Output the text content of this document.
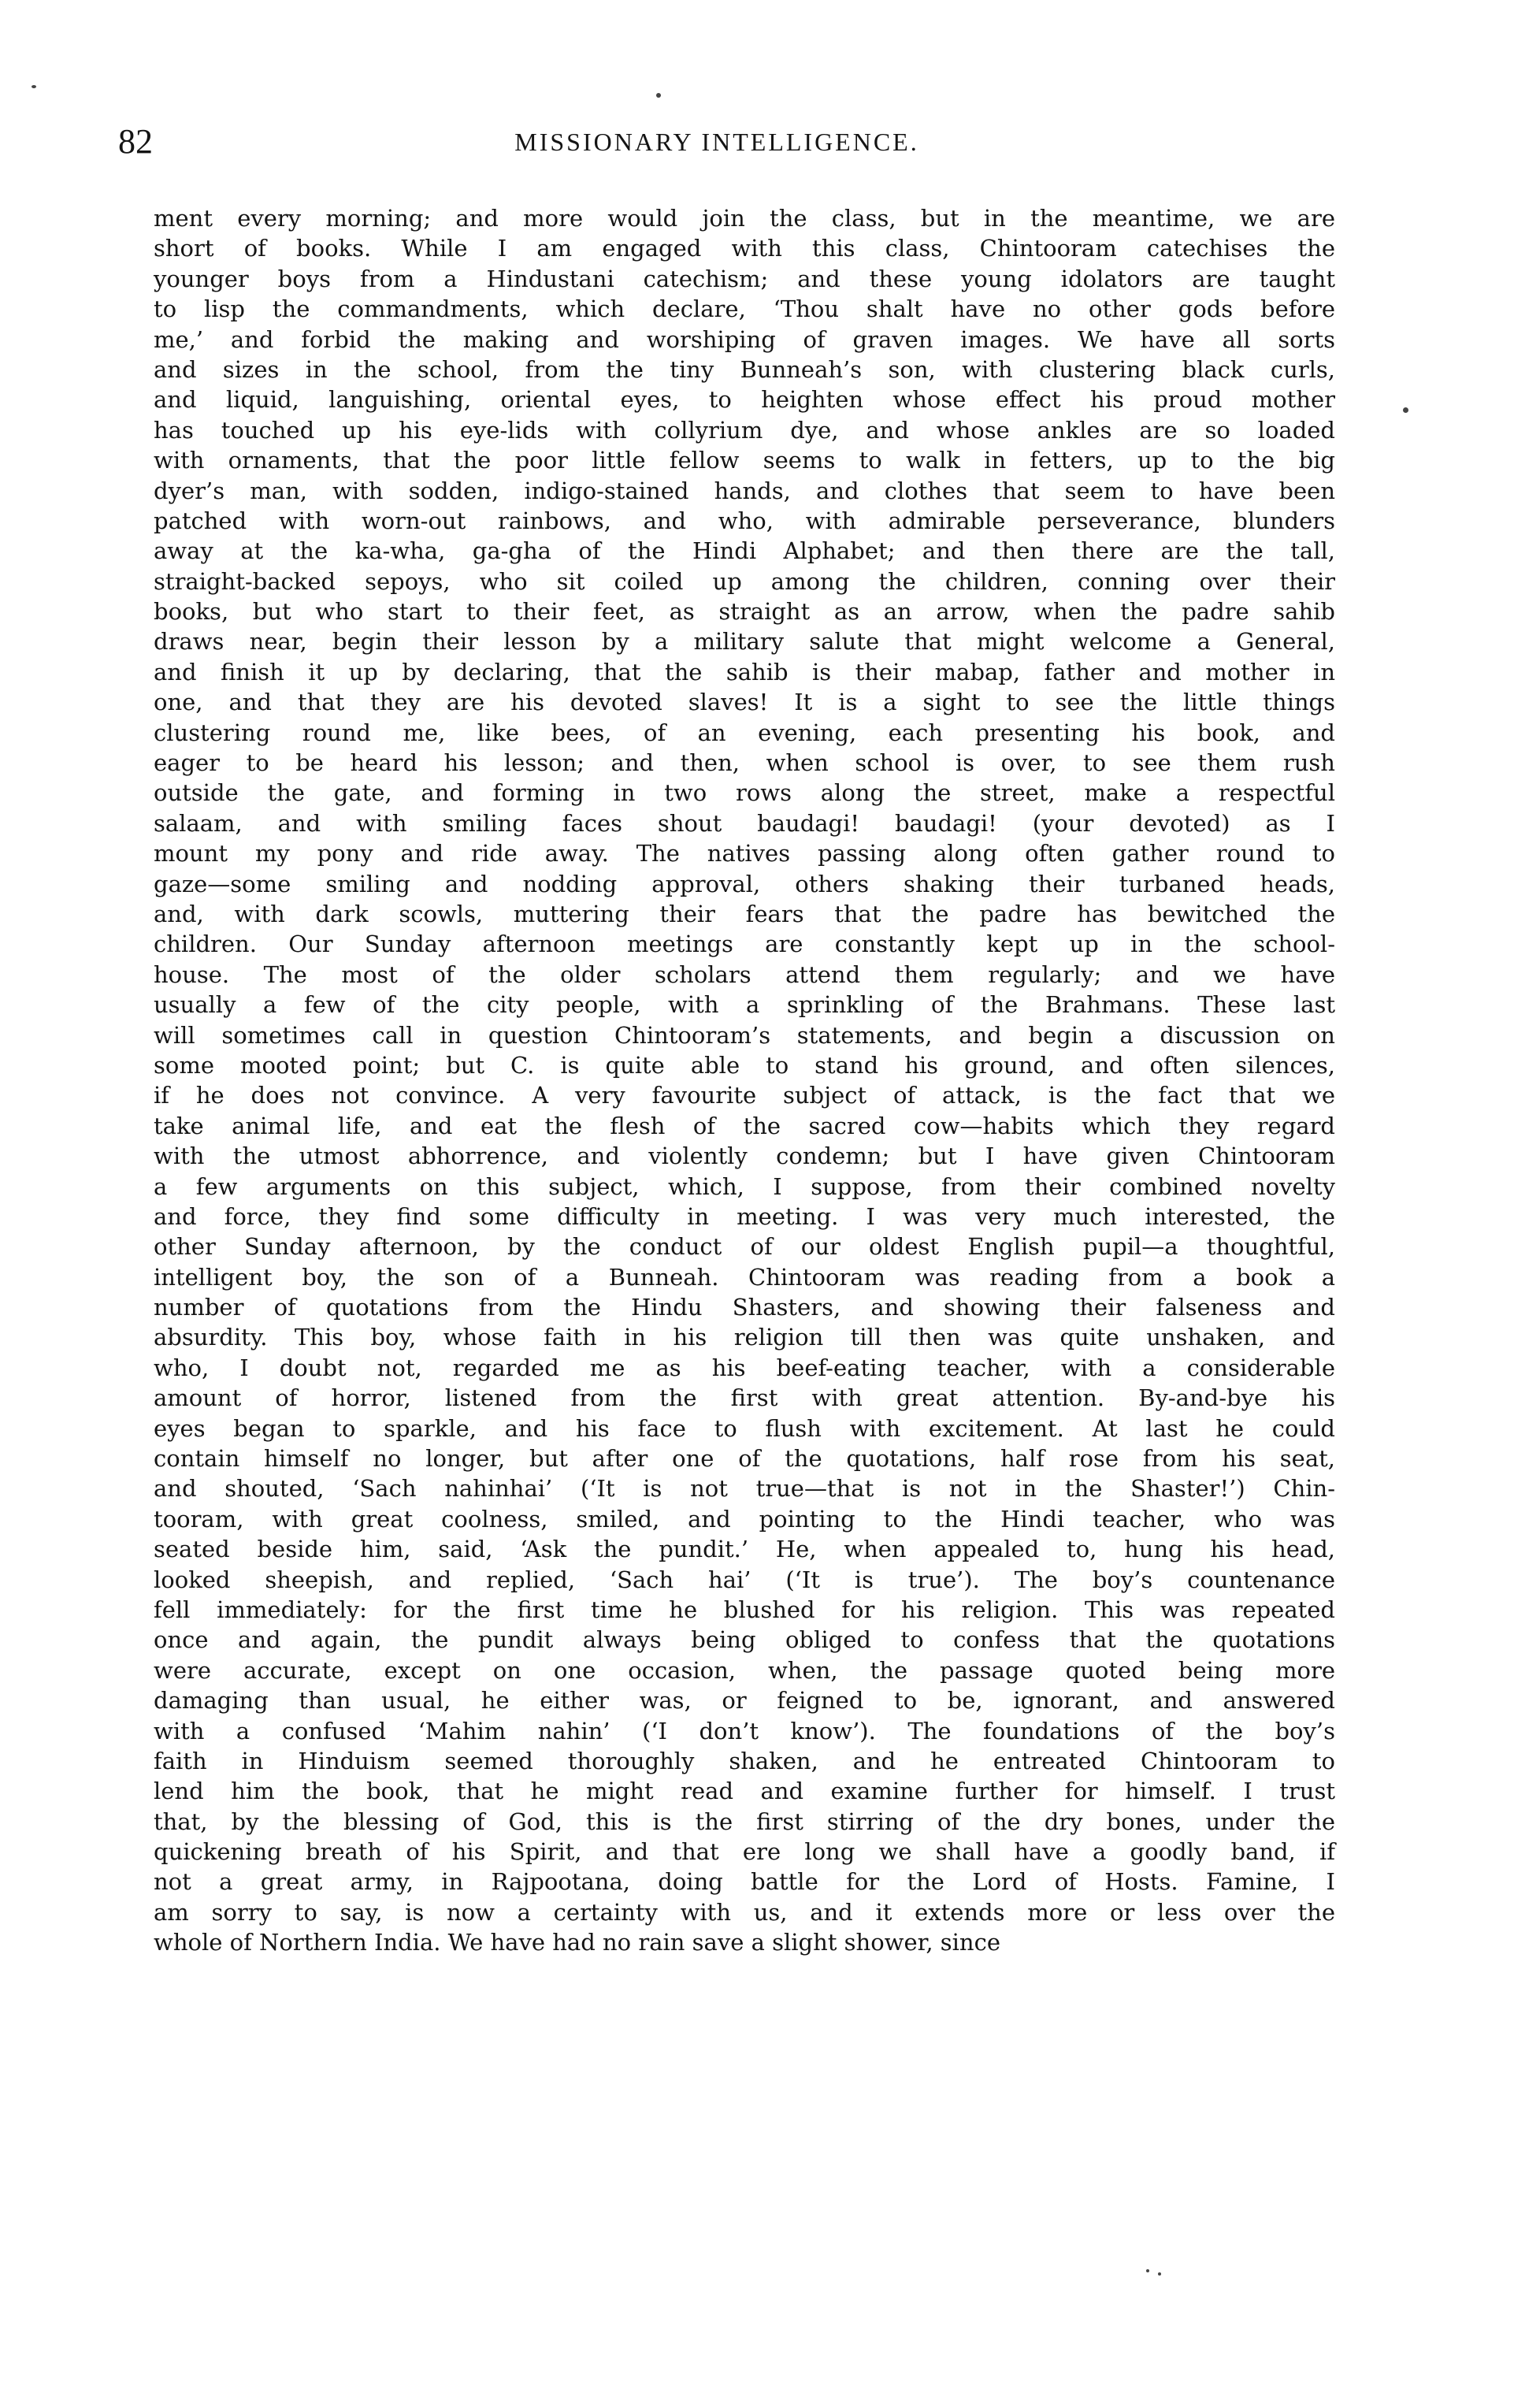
82	MISSIONARY INTELLIGENCE.
ment every morning; and more would join the class, but in the meantime, we are
short of books. While I am engaged with this class, Chintooram catechises the
younger boys from a Hindustani catechism; and these young idolators are taught
to lisp the commandments, which declare, ‘Thou shalt have no other gods before
me,’ and forbid the making and worshiping of graven images. We have all sorts
and sizes in the school, from the tiny Bunneah’s son, with clustering black curls,
and liquid, languishing, oriental eyes, to heighten whose effect his proud mother
has touched up his eye-lids with collyrium dye, and whose ankles are so loaded
with ornaments, that the poor little fellow seems to walk in fetters, up to the big
dyer’s man, with sodden, indigo-stained hands, and clothes that seem to have been
patched with worn-out rainbows, and who, with admirable perseverance, blunders
away at the ka-wha, ga-gha of the Hindi Alphabet; and then there are the tall,
straight-backed sepoys, who sit coiled up among the children, conning over their
books, but who start to their feet, as straight as an arrow, when the padre sahib
draws near, begin their lesson by a military salute that might welcome a General,
and finish it up by declaring, that the sahib is their mabap, father and mother in
one, and that they are his devoted slaves! It is a sight to see the little things
clustering round me, like bees, of an evening, each presenting his book, and
eager to be heard his lesson; and then, when school is over, to see them rush
outside the gate, and forming in two rows along the street, make a respectful
salaam, and with smiling faces shout baudagi! baudagi! (your devoted) as I
mount my pony and ride away. The natives passing along often gather round to
gaze—some smiling and nodding approval, others shaking their turbaned heads,
and, with dark scowls, muttering their fears that the padre has bewitched the
children. Our Sunday afternoon meetings are constantly kept up in the school-
house. The most of the older scholars attend them regularly; and we have
usually a few of the city people, with a sprinkling of the Brahmans. These last
will sometimes call in question Chintooram’s statements, and begin a discussion on
some mooted point; but C. is quite able to stand his ground, and often silences,
if he does not convince. A very favourite subject of attack, is the fact that we
take animal life, and eat the flesh of the sacred cow—habits which they regard
with the utmost abhorrence, and violently condemn; but I have given Chintooram
a few arguments on this subject, which, I suppose, from their combined novelty
and force, they find some difficulty in meeting. I was very much interested, the
other Sunday afternoon, by the conduct of our oldest English pupil—a thoughtful,
intelligent boy, the son of a Bunneah. Chintooram was reading from a book a
number of quotations from the Hindu Shasters, and showing their falseness and
absurdity. This boy, whose faith in his religion till then was quite unshaken, and
who, I doubt not, regarded me as his beef-eating teacher, with a considerable
amount of horror, listened from the first with great attention. By-and-bye his
eyes began to sparkle, and his face to flush with excitement. At last he could
contain himself no longer, but after one of the quotations, half rose from his seat,
and shouted, ‘Sach nahinhai’ (‘It is not true—that is not in the Shaster!’) Chin-
tooram, with great coolness, smiled, and pointing to the Hindi teacher, who was
seated beside him, said, ‘Ask the pundit.’ He, when appealed to, hung his head,
looked sheepish, and replied, ‘Sach hai’ (‘It is true’). The boy’s countenance
fell immediately: for the first time he blushed for his religion. This was repeated
once and again, the pundit always being obliged to confess that the quotations
were accurate, except on one occasion, when, the passage quoted being more
damaging than usual, he either was, or feigned to be, ignorant, and answered
with a confused ‘Mahim nahin’ (‘I don’t know’). The foundations of the boy’s
faith in Hinduism seemed thoroughly shaken, and he entreated Chintooram to
lend him the book, that he might read and examine further for himself. I trust
that, by the blessing of God, this is the first stirring of the dry bones, under the
quickening breath of his Spirit, and that ere long we shall have a goodly band, if
not a great army, in Rajpootana, doing battle for the Lord of Hosts. Famine, I
am sorry to say, is now a certainty with us, and it extends more or less over the
whole of Northern India. We have had no rain save a slight shower, since
